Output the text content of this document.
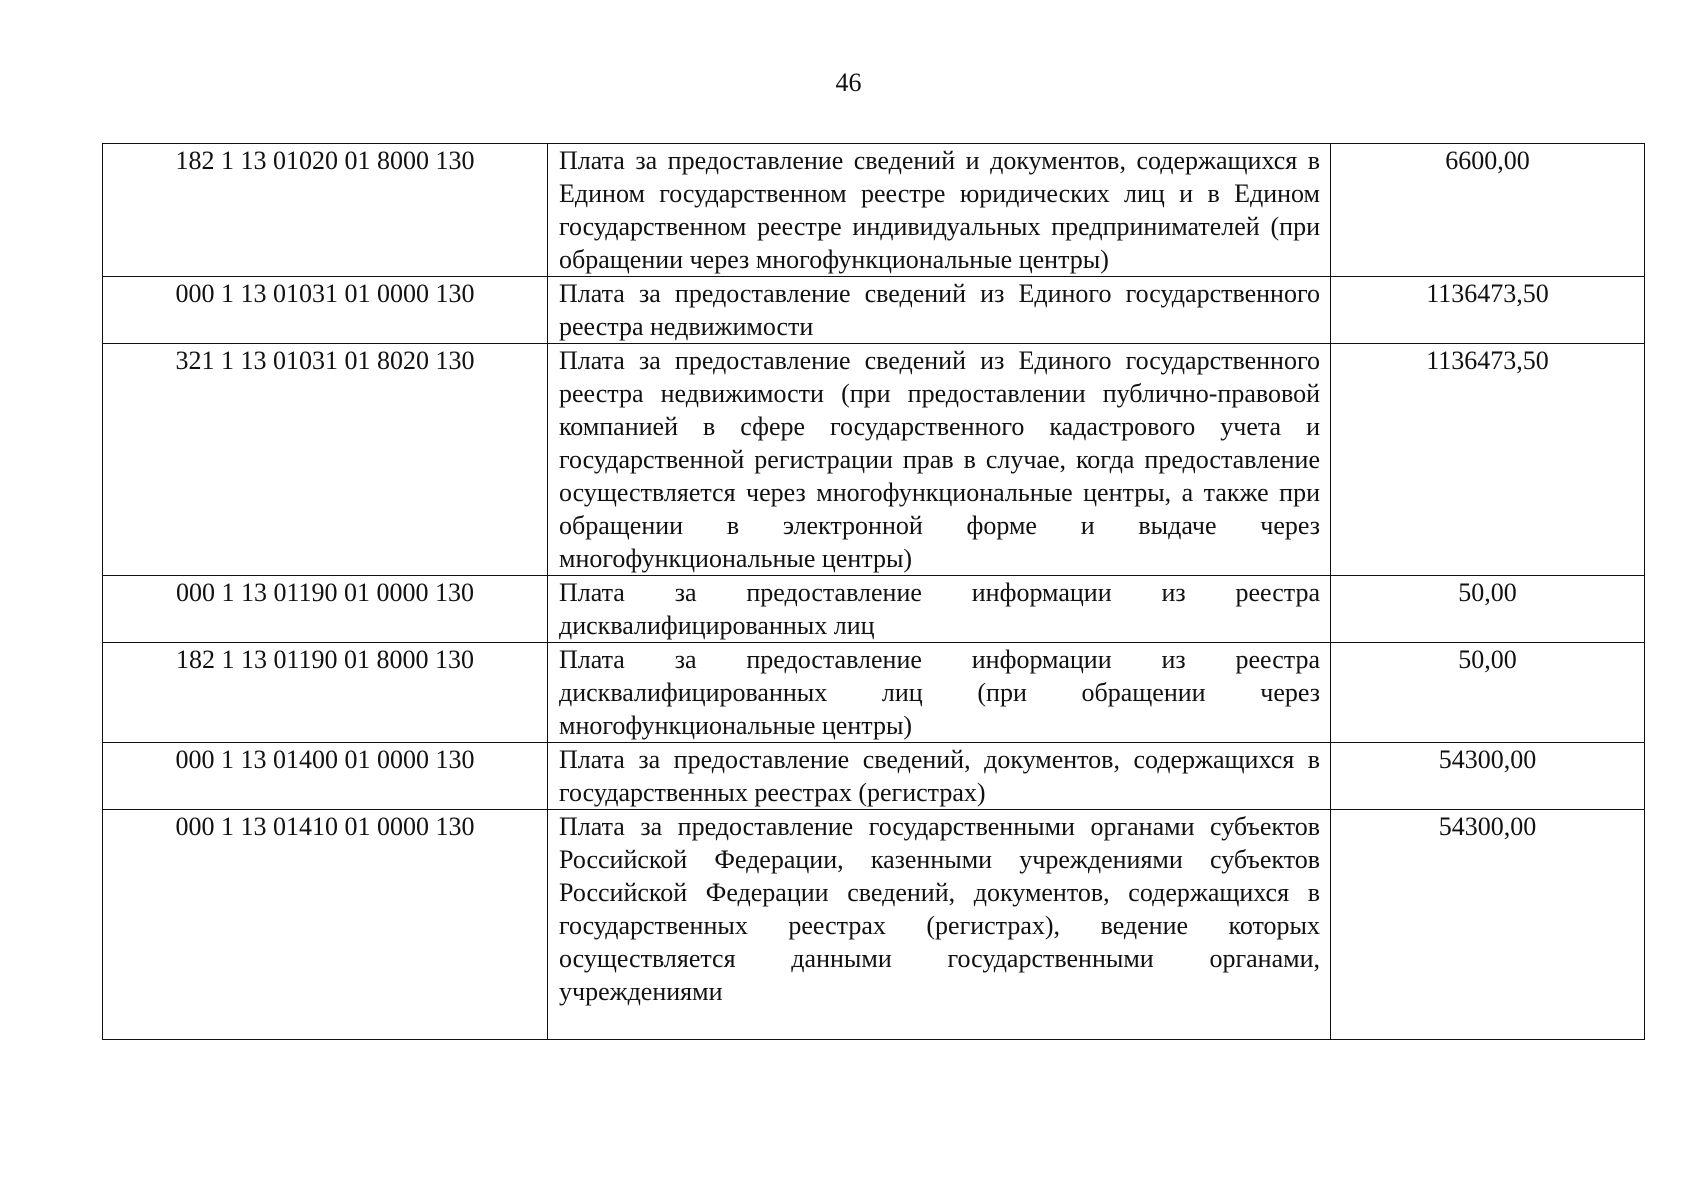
46
182 1 13 01020 01 8000 130	Плата за предоставление сведений и документов, содержащихся в Едином государственном реестре юридических лиц и в Едином государственном реестре индивидуальных предпринимателей (при обращении через многофункциональные центры)	6600,00
000 1 13 01031 01 0000 130	Плата за предоставление сведений из Единого государственного реестра недвижимости	1136473,50
321 1 13 01031 01 8020 130	Плата за предоставление сведений из Единого государственного реестра недвижимости (при предоставлении публично-правовой компанией в сфере государственного кадастрового учета и государственной регистрации прав в случае, когда предоставление осуществляется через многофункциональные центры, а также при обращении в электронной форме и выдаче через многофункциональные центры)	1136473,50
000 1 13 01190 01 0000 130	Плата за предоставление информации из реестра дисквалифицированных лиц	50,00
182 1 13 01190 01 8000 130	Плата за предоставление информации из реестра дисквалифицированных лиц (при обращении через многофункциональные центры)	50,00
000 1 13 01400 01 0000 130	Плата за предоставление сведений, документов, содержащихся в государственных реестрах (регистрах)	54300,00
000 1 13 01410 01 0000 130	Плата за предоставление государственными органами субъектов Российской Федерации, казенными учреждениями субъектов Российской Федерации сведений, документов, содержащихся в государственных реестрах (регистрах), ведение которых осуществляется данными государственными органами, учреждениями	54300,00
